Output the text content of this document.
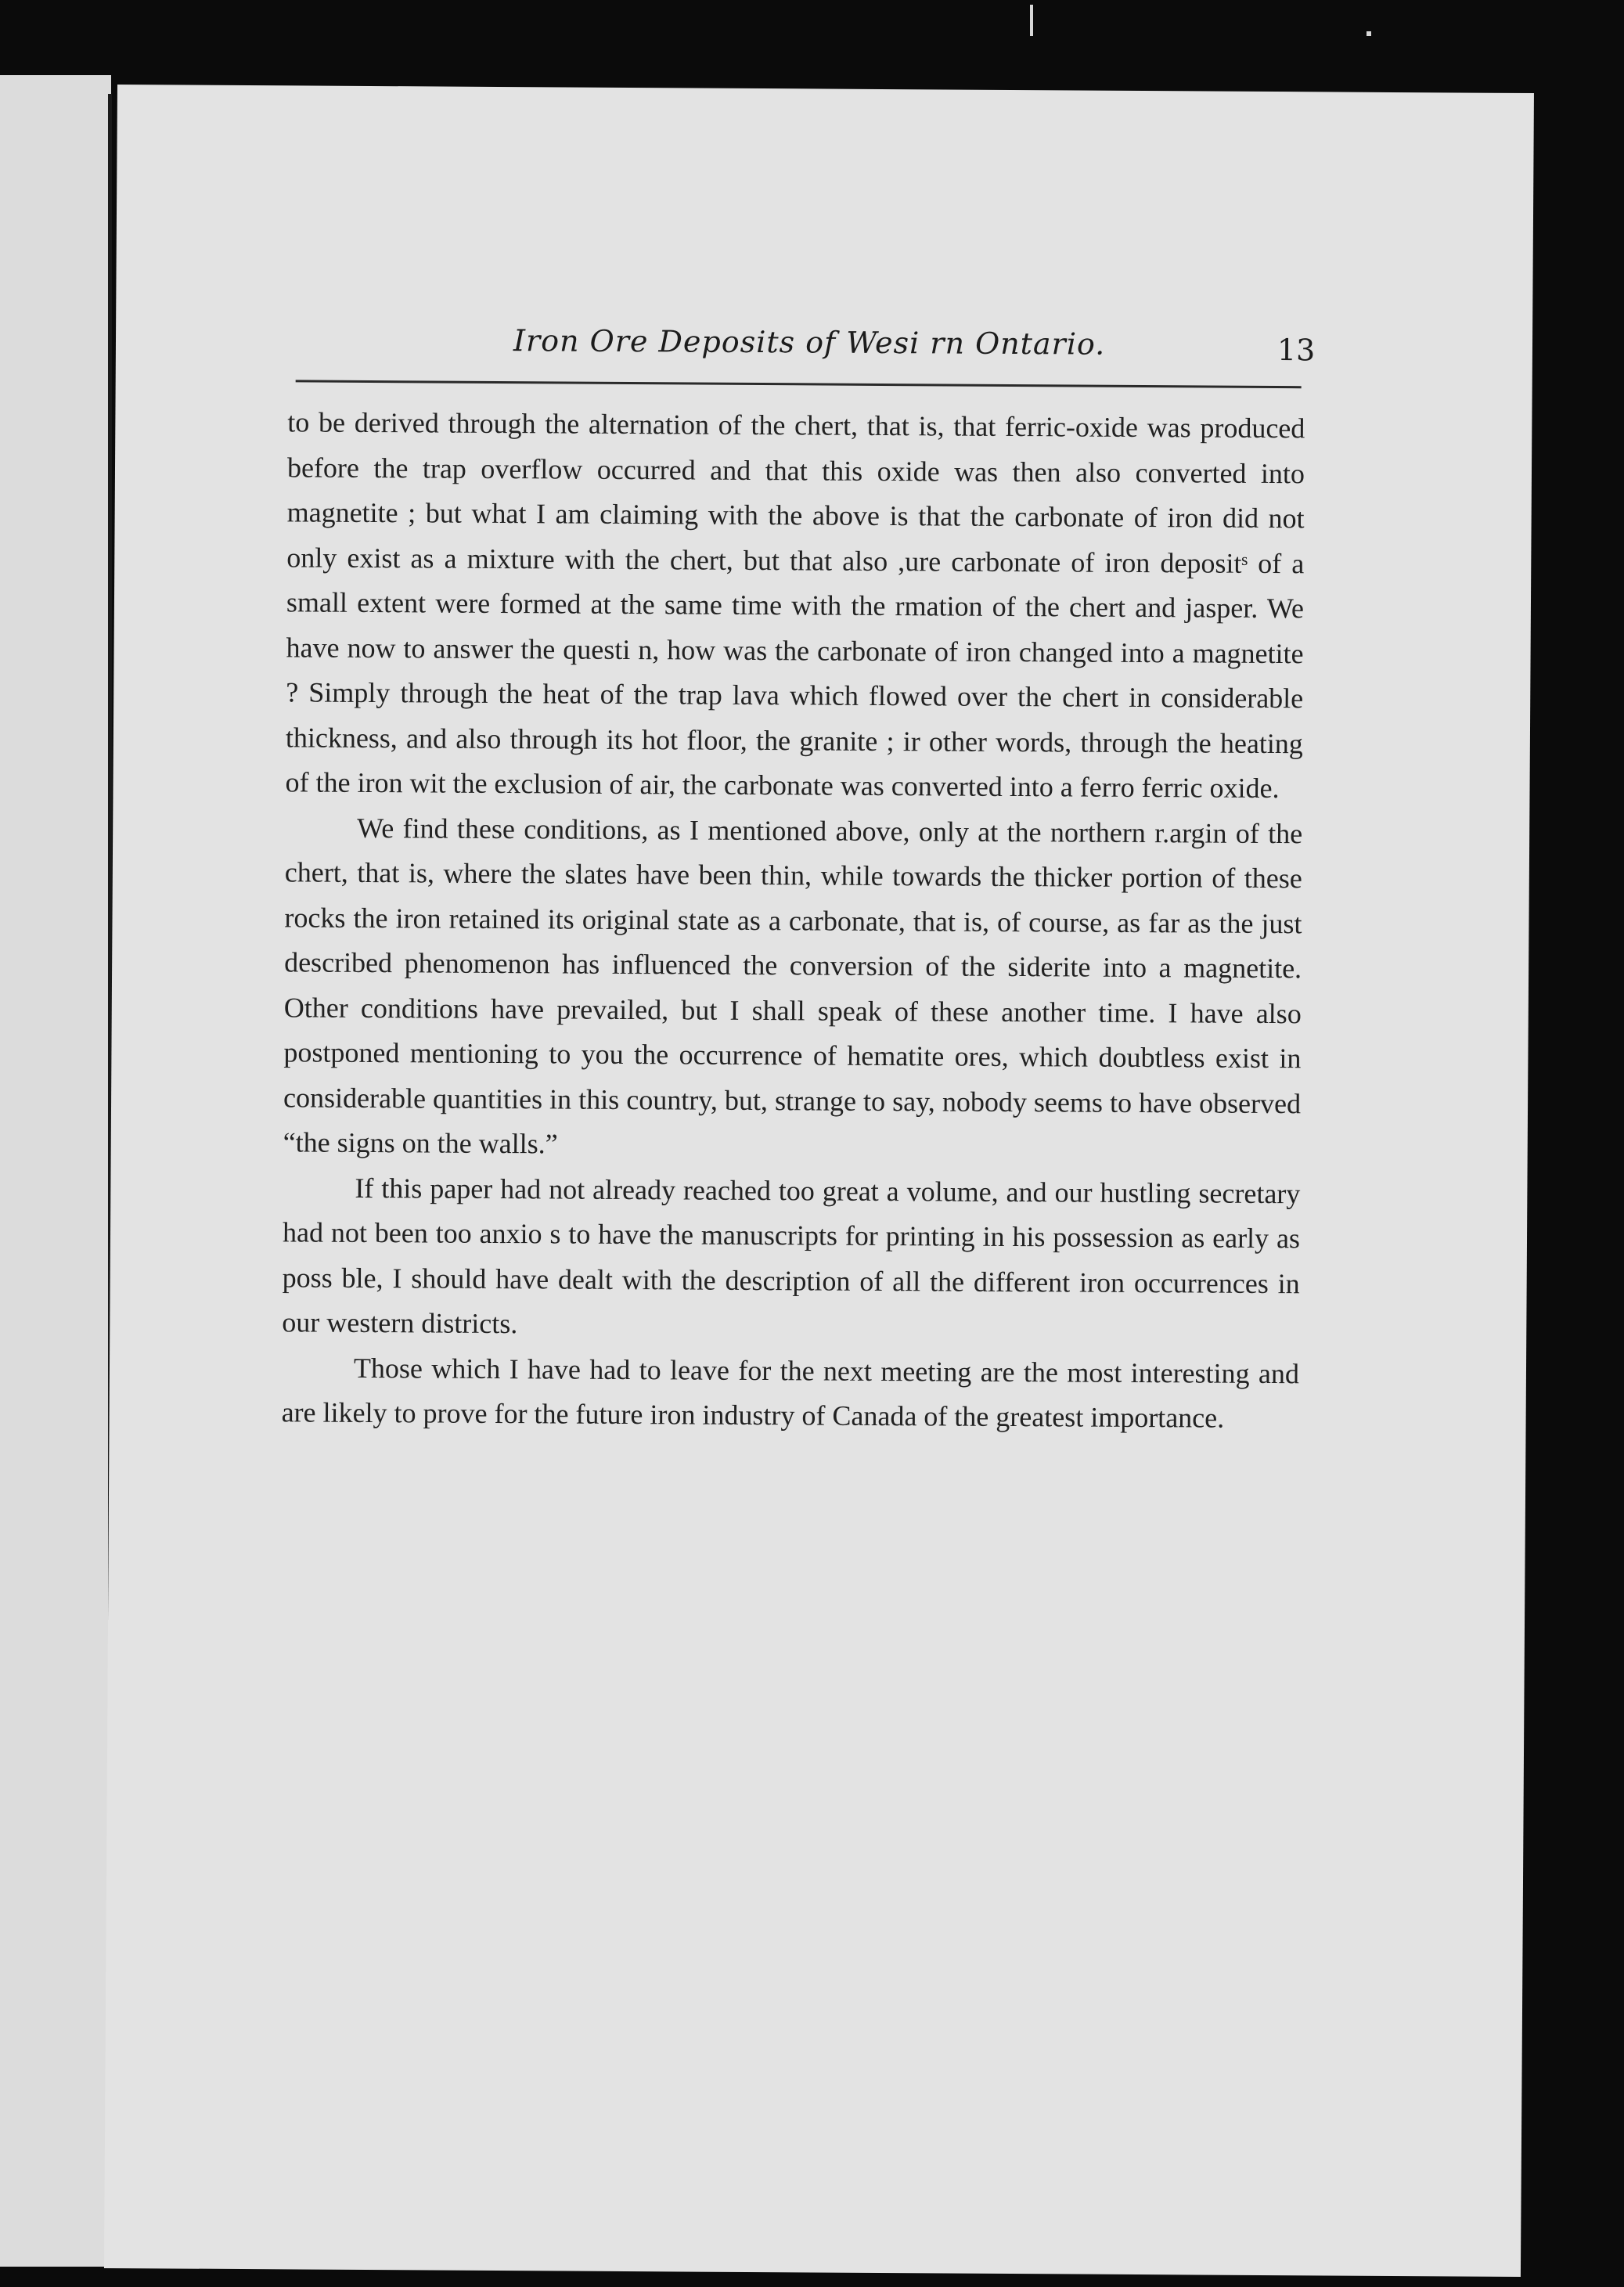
Iron Ore Deposits of Wesi rn Ontario.	13

to be derived through the alternation of the chert, that is, that ferric-oxide was produced before the trap overflow occurred and that this oxide was then also converted into magnetite ; but what I am claiming with the above is that the carbonate of iron did not only exist as a mixture with the chert, but that also ,ure carbonate of iron depositˢ of a small extent were formed at the same time with the rmation of the chert and jasper. We have now to answer the questi n, how was the carbonate of iron changed into a magnetite ? Simply through the heat of the trap lava which flowed over the chert in considerable thickness, and also through its hot floor, the granite ; ir other words, through the heating of the iron wit the exclusion of air, the carbonate was converted into a ferro ferric oxide.

We find these conditions, as I mentioned above, only at the northern r.argin of the chert, that is, where the slates have been thin, while towards the thicker portion of these rocks the iron retained its original state as a carbonate, that is, of course, as far as the just described phenomenon has influenced the conversion of the siderite into a magnetite. Other conditions have prevailed, but I shall speak of these another time. I have also postponed mentioning to you the occurrence of hematite ores, which doubtless exist in considerable quantities in this country, but, strange to say, nobody seems to have observed “the signs on the walls.”

If this paper had not already reached too great a volume, and our hustling secretary had not been too anxio s to have the manuscripts for printing in his possession as early as poss ble, I should have dealt with the description of all the different iron occurrences in our western districts.

Those which I have had to leave for the next meeting are the most interesting and are likely to prove for the future iron industry of Canada of the greatest importance.
